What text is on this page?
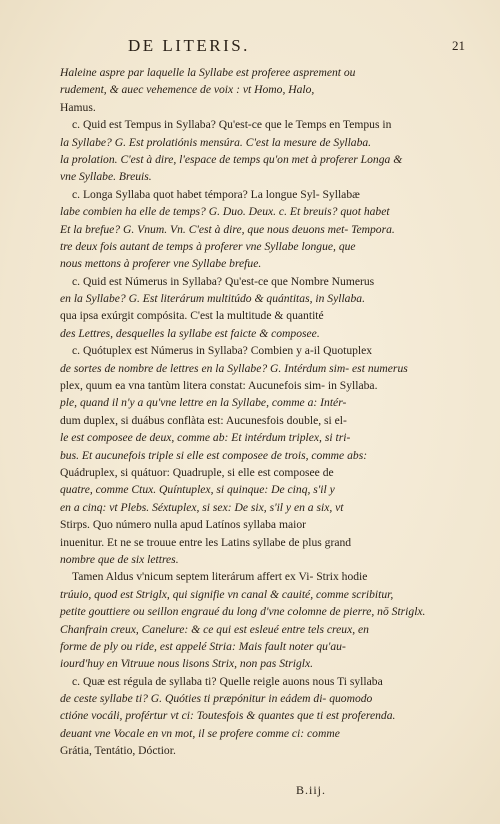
DE LITERIS.	21
Haleine aspre par laquelle la Syllabe est proferee asprement ou
rudement, & auec vehemence de voix : vt Homo, Halo,
Hamus.
c. Quid est Tempus in Syllaba? Qu'est-ce que le Temps en Tempus in
la Syllabe? G. Est prolatiónis mensúra. C'est la mesure de Syllaba.
la prolation. C'est à dire, l'espace de temps qu'on met à proferer Longa &
vne Syllabe. Breuis.
c. Longa Syllaba quot habet témpora? La longue Syl- Syllabæ
labe combien ha elle de temps? G. Duo. Deux. c. Et breuis? quot habet
Et la brefue? G. Vnum. Vn. C'est à dire, que nous deuons met- Tempora.
tre deux fois autant de temps à proferer vne Syllabe longue, que
nous mettons à proferer vne Syllabe brefue.
c. Quid est Númerus in Syllaba? Qu'est-ce que Nombre Numerus
en la Syllabe? G. Est literárum multitúdo & quántitas, in Syllaba.
qua ipsa exúrgit compósita. C'est la multitude & quantité
des Lettres, desquelles la syllabe est faicte & composee.
c. Quótuplex est Númerus in Syllaba? Combien y a-il Quotuplex
de sortes de nombre de lettres en la Syllabe? G. Intérdum sim- est numerus
plex, quum ea vna tantùm litera constat: Aucunefois sim- in Syllaba.
ple, quand il n'y a qu'vne lettre en la Syllabe, comme a: Intér-
dum duplex, si duábus conflàta est: Aucunesfois double, si el-
le est composee de deux, comme ab: Et intérdum triplex, si tri-
bus. Et aucunefois triple si elle est composee de trois, comme abs:
Quádruplex, si quátuor: Quadruple, si elle est composee de
quatre, comme Ctux. Quíntuplex, si quinque: De cinq, s'il y
en a cinq: vt Plebs. Séxtuplex, si sex: De six, s'il y en a six, vt
Stirps. Quo número nulla apud Latínos syllaba maior
inuenitur. Et ne se trouue entre les Latins syllabe de plus grand
nombre que de six lettres.
Tamen Aldus v'nicum septem literárum affert ex Vi- Strix hodie
trúuio, quod est Striglx, qui signifie vn canal & cauité, comme scribitur,
petite gouttiere ou seillon engraué du long d'vne colomne de pierre, nō Striglx.
Chanfrain creux, Canelure: & ce qui est esleué entre tels creux, en
forme de ply ou ride, est appelé Stria: Mais fault noter qu'au-
iourd'huy en Vitruue nous lisons Strix, non pas Striglx.
c. Quæ est régula de syllaba ti? Quelle reigle auons nous Ti syllaba
de ceste syllabe ti? G. Quóties ti præpónitur in eádem di- quomodo
ctióne vocáli, profértur vt ci: Toutesfois & quantes que ti est proferenda.
deuant vne Vocale en vn mot, il se profere comme ci: comme
Grátia, Tentátio, Dóctior.
B.iij.
